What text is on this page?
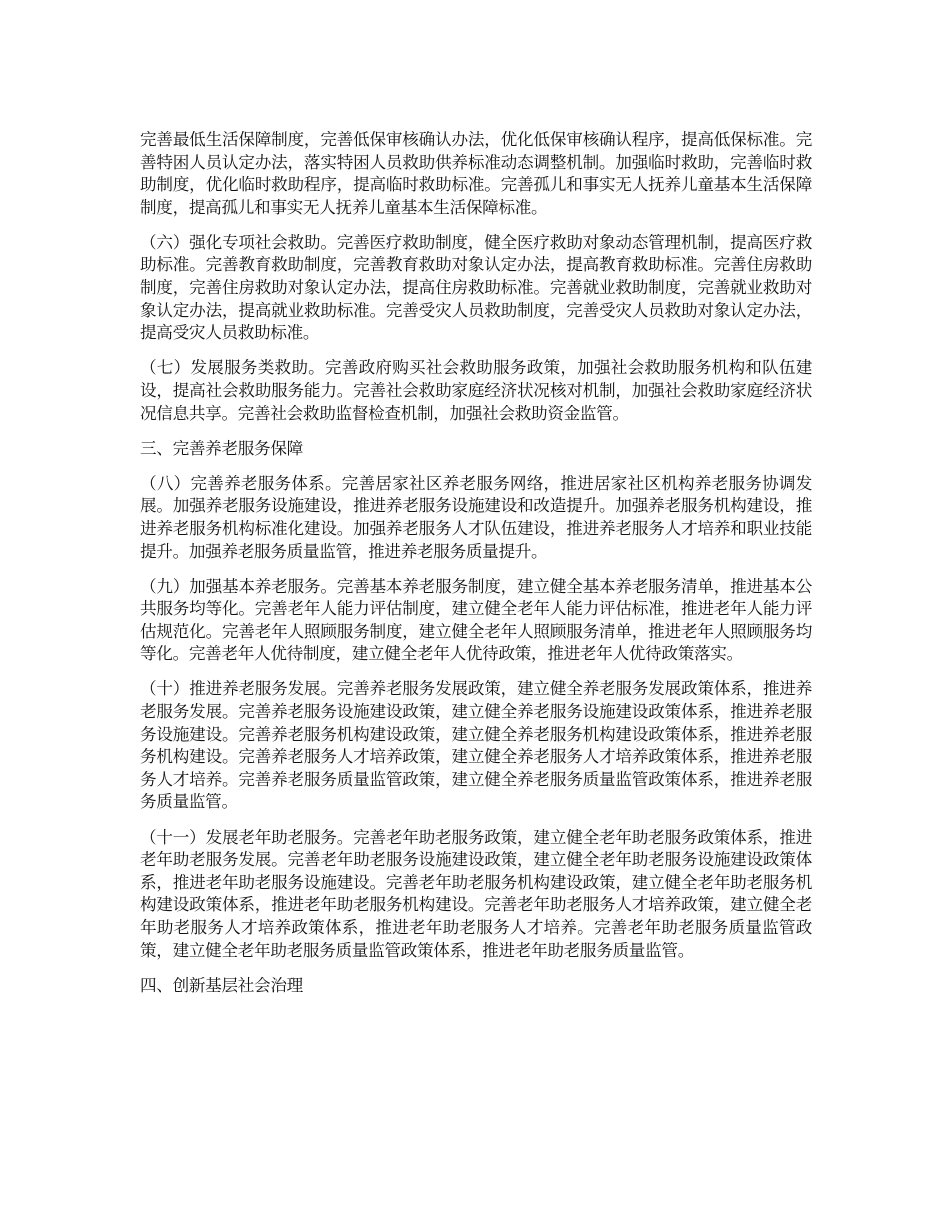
完善最低生活保障制度，完善低保审核确认办法，优化低保审核确认程序，提高低保标准。完善特困人员认定办法，落实特困人员救助供养标准动态调整机制。加强临时救助，完善临时救助制度，优化临时救助程序，提高临时救助标准。完善孤儿和事实无人抚养儿童基本生活保障制度，提高孤儿和事实无人抚养儿童基本生活保障标准。

（六）强化专项社会救助。完善医疗救助制度，健全医疗救助对象动态管理机制，提高医疗救助标准。完善教育救助制度，完善教育救助对象认定办法，提高教育救助标准。完善住房救助制度，完善住房救助对象认定办法，提高住房救助标准。完善就业救助制度，完善就业救助对象认定办法，提高就业救助标准。完善受灾人员救助制度，完善受灾人员救助对象认定办法，提高受灾人员救助标准。

（七）发展服务类救助。完善政府购买社会救助服务政策，加强社会救助服务机构和队伍建设，提高社会救助服务能力。完善社会救助家庭经济状况核对机制，加强社会救助家庭经济状况信息共享。完善社会救助监督检查机制，加强社会救助资金监管。

三、完善养老服务保障

（八）完善养老服务体系。完善居家社区养老服务网络，推进居家社区机构养老服务协调发展。加强养老服务设施建设，推进养老服务设施建设和改造提升。加强养老服务机构建设，推进养老服务机构标准化建设。加强养老服务人才队伍建设，推进养老服务人才培养和职业技能提升。加强养老服务质量监管，推进养老服务质量提升。

（九）加强基本养老服务。完善基本养老服务制度，建立健全基本养老服务清单，推进基本公共服务均等化。完善老年人能力评估制度，建立健全老年人能力评估标准，推进老年人能力评估规范化。完善老年人照顾服务制度，建立健全老年人照顾服务清单，推进老年人照顾服务均等化。完善老年人优待制度，建立健全老年人优待政策，推进老年人优待政策落实。

（十）推进养老服务发展。完善养老服务发展政策，建立健全养老服务发展政策体系，推进养老服务发展。完善养老服务设施建设政策，建立健全养老服务设施建设政策体系，推进养老服务设施建设。完善养老服务机构建设政策，建立健全养老服务机构建设政策体系，推进养老服务机构建设。完善养老服务人才培养政策，建立健全养老服务人才培养政策体系，推进养老服务人才培养。完善养老服务质量监管政策，建立健全养老服务质量监管政策体系，推进养老服务质量监管。

（十一）发展老年助老服务。完善老年助老服务政策，建立健全老年助老服务政策体系，推进老年助老服务发展。完善老年助老服务设施建设政策，建立健全老年助老服务设施建设政策体系，推进老年助老服务设施建设。完善老年助老服务机构建设政策，建立健全老年助老服务机构建设政策体系，推进老年助老服务机构建设。完善老年助老服务人才培养政策，建立健全老年助老服务人才培养政策体系，推进老年助老服务人才培养。完善老年助老服务质量监管政策，建立健全老年助老服务质量监管政策体系，推进老年助老服务质量监管。

四、创新基层社会治理
